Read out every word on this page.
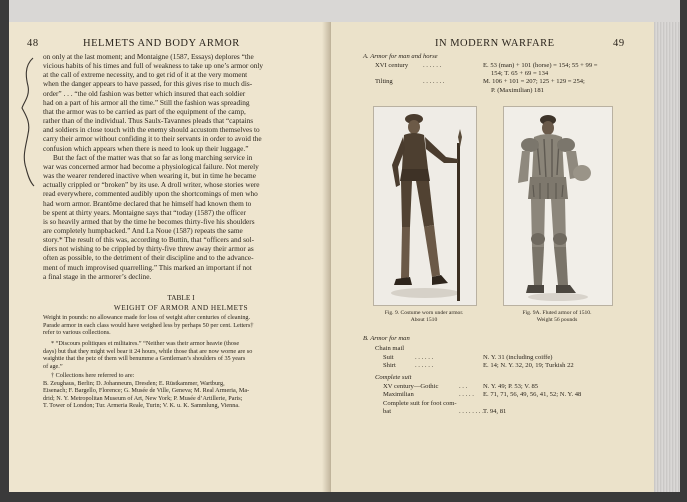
48	HELMETS AND BODY ARMOR
on only at the last moment; and Montaigne (1587, Essays) deplores “the
vicious habits of his times and full of weakness to take up one’s armor only
at the call of extreme necessity, and to get rid of it at the very moment
when the danger appears to have passed, for this gives rise to much dis-
order” . . . “the old fashion was better which insured that each soldier
had on a part of his armor all the time.” Still the fashion was spreading
that the armor was to be carried as part of the equipment of the camp,
rather than of the individual. Thus Saulx-Tavannes pleads that “captains
and soldiers in close touch with the enemy should accustom themselves to
carry their armor without confiding it to their servants in order to avoid the
confusion which appears when there is need to look up their luggage.”
But the fact of the matter was that so far as long marching service in
war was concerned armor had become a physiological failure. Not merely
was the wearer rendered inactive when wearing it, but in time he became
actually crippled or “broken” by its use. A droll writer, whose stories were
read everywhere, commented audibly upon the shortcomings of men who
had worn armor. Brantôme declared that he himself had known them to
be spent at thirty years. Montaigne says that “today (1587) the officer
is so heavily armed that by the time he becomes thirty-five his shoulders
are completely humpbacked.” And La Noue (1587) repeats the same
story.* The result of this was, according to Buttin, that “officers and sol-
diers not wishing to be crippled by thirty-five threw away their armor as
often as possible, to the detriment of their discipline and to the advance-
ment of much improvised quarrelling.” This marked an important if not
a final stage in the armorer’s decline.
TABLE I
WEIGHT OF ARMOR AND HELMETS
Weight in pounds: no allowance made for loss of weight after centuries of cleaning.
Parade armor in each class would have weighed less by perhaps 50 per cent. Letters†
refer to various collections.
* “Discours politiques et militaires.” “Neither was their armor heavie (those
days) but that they might wel bear it 24 hours, while those that are now worne are so
waightie that the peiz of them will benumme a Gentleman’s shoulders of 35 years
of age.”
† Collections here referred to are:
B. Zeughaus, Berlin; D. Johanneum, Dresden; E. Rüstkammer, Wartburg,
Eisenach; F. Bargello, Florence; G. Musée de Ville, Geneva; M. Real Armeria, Ma-
drid; N. Y. Metropolitan Museum of Art, New York; P. Musée d’Artillerie, Paris;
T. Tower of London; Tur. Armeria Reale, Turin; V. K. u. K. Sammlung, Vienna.
IN MODERN WARFARE	49
A. Armor for man and horse
XVI century	. . . . . .	E. 53 (man) + 101 (horse) = 154; 55 + 99 =
154; T. 65 + 69 = 134
Tilting	. . . . . . .	M. 106 + 101 = 207; 125 + 129 = 254;
P. (Maximilian) 181
Fig. 9. Costume worn under armor.
About 1510
Fig. 9A. Fluted armor of 1510.
Weight 56 pounds
B. Armor for man
Chain mail
Suit	. . . . . .	N. Y. 31 (including coiffe)
Shirt	. . . . . .	E. 14; N. Y. 32, 20, 19; Turkish 22
Complete suit
XV century—Gothic	. . .	N. Y. 49; P. 53; V. 85
Maximilian	. . . . .	E. 71, 71, 56, 49, 56, 41, 52; N. Y. 48
Complete suit for foot com-
bat	. . . . . . . . T. 94, 81
